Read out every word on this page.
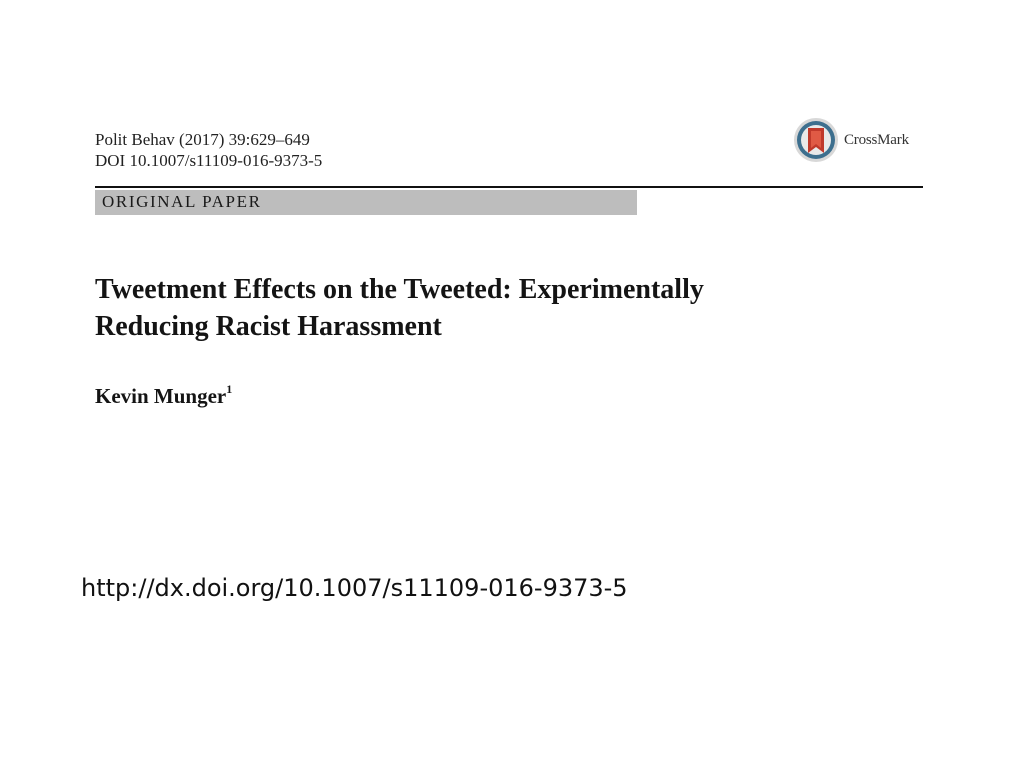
Polit Behav (2017) 39:629–649
DOI 10.1007/s11109-016-9373-5
CrossMark
ORIGINAL PAPER
Tweetment Effects on the Tweeted: Experimentally
Reducing Racist Harassment
Kevin Munger$^1$
http://dx.doi.org/10.1007/s11109-016-9373-5
